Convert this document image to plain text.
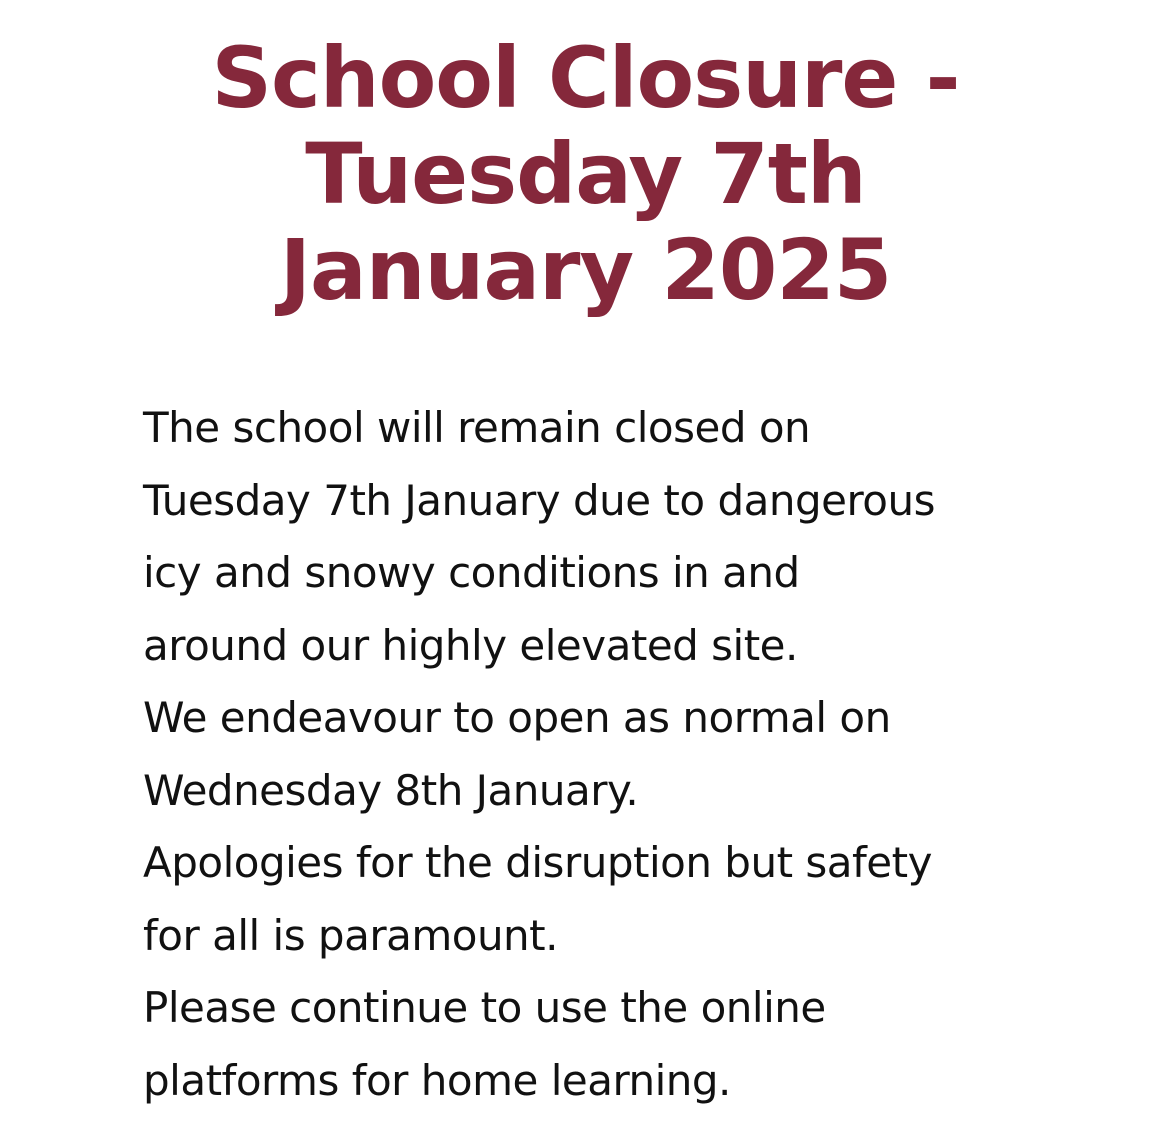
School Closure -
Tuesday 7th
January 2025
The school will remain closed on
Tuesday 7th January due to dangerous
icy and snowy conditions in and
around our highly elevated site.
We endeavour to open as normal on
Wednesday 8th January.
Apologies for the disruption but safety
for all is paramount.
Please continue to use the online
platforms for home learning.
